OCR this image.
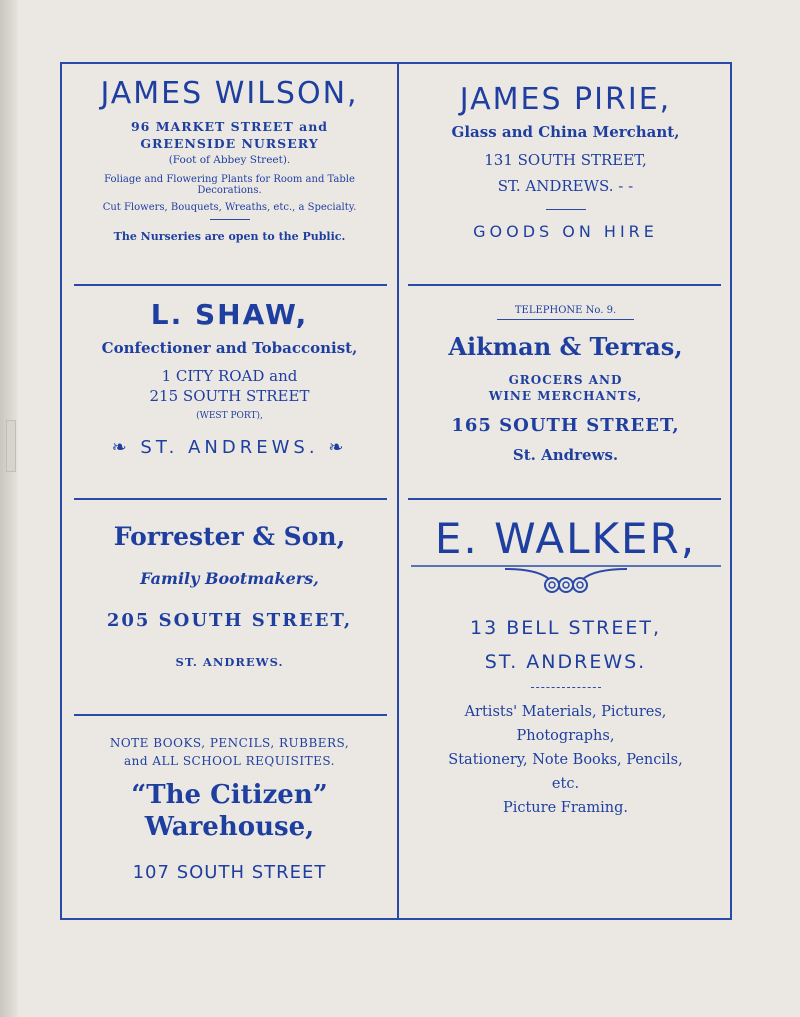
JAMES WILSON,
96 MARKET STREET and
GREENSIDE NURSERY
(Foot of Abbey Street).
Foliage and Flowering Plants for Room and Table
Decorations.
Cut Flowers, Bouquets, Wreaths, etc., a Specialty.
The Nurseries are open to the Public.
JAMES PIRIE,
Glass and China Merchant,
131 SOUTH STREET,
ST. ANDREWS. - -
GOODS ON HIRE
L. SHAW,
Confectioner and Tobacconist,
1 CITY ROAD and
215 SOUTH STREET
(WEST PORT),
❧ ST. ANDREWS. ❧
TELEPHONE No. 9.
Aikman & Terras,
GROCERS AND
WINE MERCHANTS,
165 SOUTH STREET,
St. Andrews.
Forrester & Son,
Family Bootmakers,
205 SOUTH STREET,
ST. ANDREWS.
E. WALKER,
13 BELL STREET,
ST. ANDREWS.
Artists' Materials, Pictures,
Photographs,
Stationery, Note Books, Pencils,
etc.
Picture Framing.
NOTE BOOKS, PENCILS, RUBBERS,
and ALL SCHOOL REQUISITES.
“The Citizen”
Warehouse,
107 SOUTH STREET
